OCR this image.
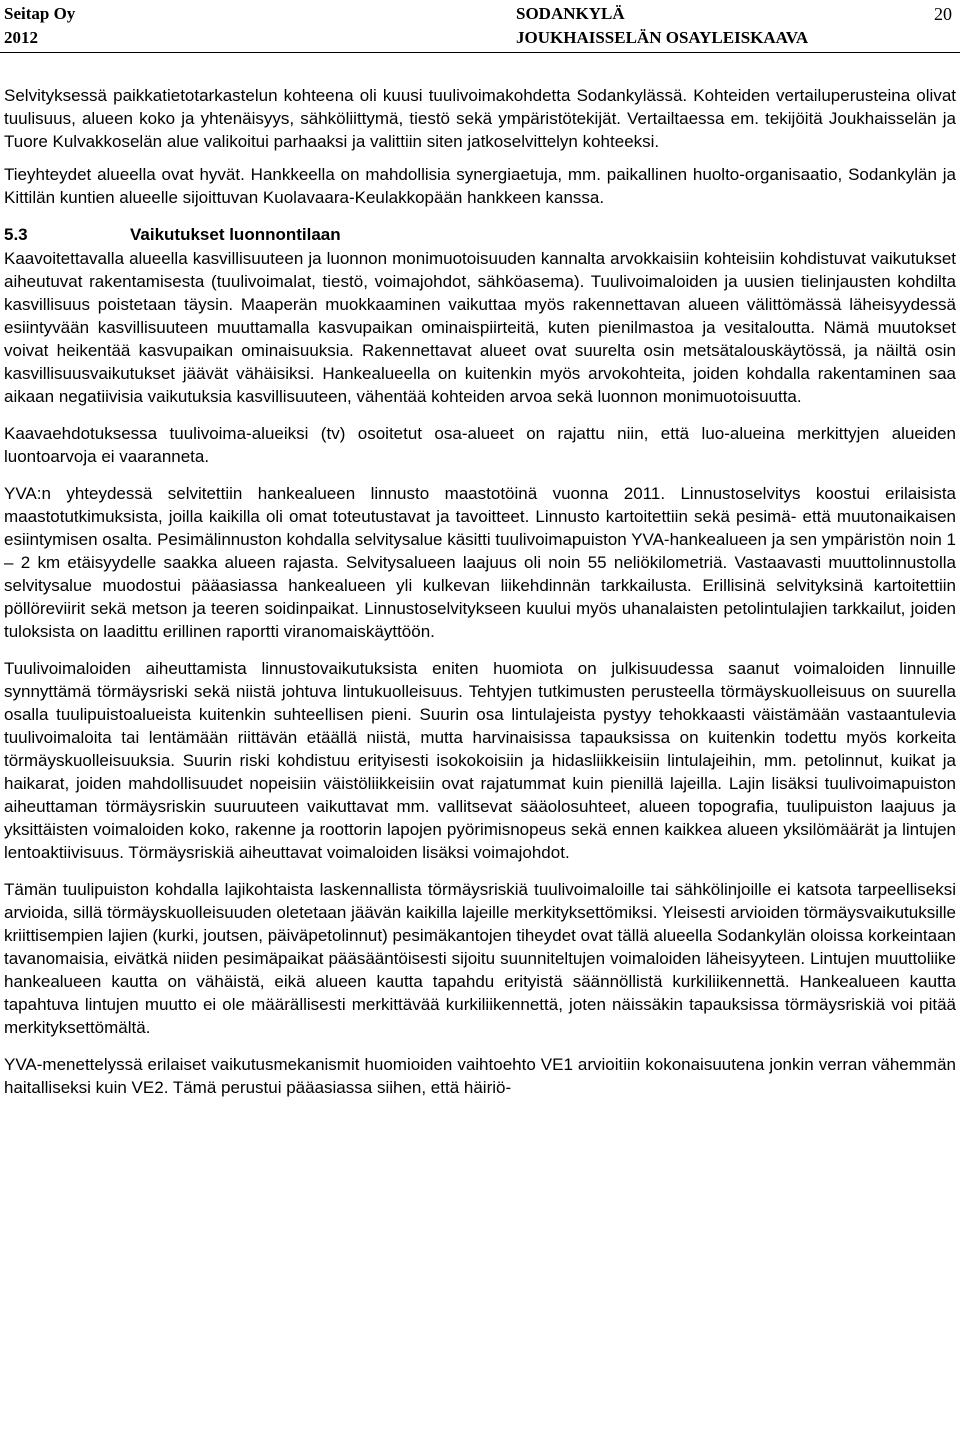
Seitap Oy
2012
SODANKYLÄ
JOUKHAISSELÄN OSAYLEISKAAVA
20

Selvityksessä paikkatietotarkastelun kohteena oli kuusi tuulivoimakohdetta Sodankylässä. Kohteiden vertailuperusteina olivat tuulisuus, alueen koko ja yhtenäisyys, sähköliittymä, tiestö sekä ympäristötekijät. Vertailtaessa em. tekijöitä Joukhaisselän ja Tuore Kulvakkoselän alue valikoitui parhaaksi ja valittiin siten jatkoselvittelyn kohteeksi.

Tieyhteydet alueella ovat hyvät. Hankkeella on mahdollisia synergiaetuja, mm. paikallinen huolto-organisaatio, Sodankylän ja Kittilän kuntien alueelle sijoittuvan Kuolavaara-Keulakkopään hankkeen kanssa.

5.3	Vaikutukset luonnontilaan

Kaavoitettavalla alueella kasvillisuuteen ja luonnon monimuotoisuuden kannalta arvokkaisiin kohteisiin kohdistuvat vaikutukset aiheutuvat rakentamisesta (tuulivoimalat, tiestö, voimajohdot, sähköasema). Tuulivoimaloiden ja uusien tielinjausten kohdilta kasvillisuus poistetaan täysin. Maaperän muokkaaminen vaikuttaa myös rakennettavan alueen välittömässä läheisyydessä esiintyvään kasvillisuuteen muuttamalla kasvupaikan ominaispiirteitä, kuten pienilmastoa ja vesitaloutta. Nämä muutokset voivat heikentää kasvupaikan ominaisuuksia. Rakennettavat alueet ovat suurelta osin metsätalouskäytössä, ja näiltä osin kasvillisuusvaikutukset jäävät vähäisiksi. Hankealueella on kuitenkin myös arvokohteita, joiden kohdalla rakentaminen saa aikaan negatiivisia vaikutuksia kasvillisuuteen, vähentää kohteiden arvoa sekä luonnon monimuotoisuutta.

Kaavaehdotuksessa tuulivoima-alueiksi (tv) osoitetut osa-alueet on rajattu niin, että luo-alueina merkittyjen alueiden luontoarvoja ei vaaranneta.

YVA:n yhteydessä selvitettiin hankealueen linnusto maastotöinä vuonna 2011. Linnustoselvitys koostui erilaisista maastotutkimuksista, joilla kaikilla oli omat toteutustavat ja tavoitteet. Linnusto kartoitettiin sekä pesimä- että muutonaikaisen esiintymisen osalta. Pesimälinnuston kohdalla selvitysalue käsitti tuulivoimapuiston YVA-hankealueen ja sen ympäristön noin 1 – 2 km etäisyydelle saakka alueen rajasta. Selvitysalueen laajuus oli noin 55 neliökilometriä. Vastaavasti muuttolinnustolla selvitysalue muodostui pääasiassa hankealueen yli kulkevan liikehdinnän tarkkailusta. Erillisinä selvityksinä kartoitettiin pöllöreviirit sekä metson ja teeren soidinpaikat. Linnustoselvitykseen kuului myös uhanalaisten petolintulajien tarkkailut, joiden tuloksista on laadittu erillinen raportti viranomaiskäyttöön.

Tuulivoimaloiden aiheuttamista linnustovaikutuksista eniten huomiota on julkisuudessa saanut voimaloiden linnuille synnyttämä törmäysriski sekä niistä johtuva lintukuolleisuus. Tehtyjen tutkimusten perusteella törmäyskuolleisuus on suurella osalla tuulipuistoalueista kuitenkin suhteellisen pieni. Suurin osa lintulajeista pystyy tehokkaasti väistämään vastaantulevia tuulivoimaloita tai lentämään riittävän etäällä niistä, mutta harvinaisissa tapauksissa on kuitenkin todettu myös korkeita törmäyskuolleisuuksia. Suurin riski kohdistuu erityisesti isokokoisiin ja hidasliikkeisiin lintulajeihin, mm. petolinnut, kuikat ja haikarat, joiden mahdollisuudet nopeisiin väistöliikkeisiin ovat rajatummat kuin pienillä lajeilla. Lajin lisäksi tuulivoimapuiston aiheuttaman törmäysriskin suuruuteen vaikuttavat mm. vallitsevat sääolosuhteet, alueen topografia, tuulipuiston laajuus ja yksittäisten voimaloiden koko, rakenne ja roottorin lapojen pyörimisnopeus sekä ennen kaikkea alueen yksilömäärät ja lintujen lentoaktiivisuus. Törmäysriskiä aiheuttavat voimaloiden lisäksi voimajohdot.

Tämän tuulipuiston kohdalla lajikohtaista laskennallista törmäysriskiä tuulivoimaloille tai sähkölinjoille ei katsota tarpeelliseksi arvioida, sillä törmäyskuolleisuuden oletetaan jäävän kaikilla lajeille merkityksettömiksi. Yleisesti arvioiden törmäysvaikutuksille kriittisempien lajien (kurki, joutsen, päiväpetolinnut) pesimäkantojen tiheydet ovat tällä alueella Sodankylän oloissa korkeintaan tavanomaisia, eivätkä niiden pesimäpaikat pääsääntöisesti sijoitu suunniteltujen voimaloiden läheisyyteen. Lintujen muuttoliike hankealueen kautta on vähäistä, eikä alueen kautta tapahdu erityistä säännöllistä kurkiliikennettä. Hankealueen kautta tapahtuva lintujen muutto ei ole määrällisesti merkittävää kurkiliikennettä, joten näissäkin tapauksissa törmäysriskiä voi pitää merkityksettömältä.

YVA-menettelyssä erilaiset vaikutusmekanismit huomioiden vaihtoehto VE1 arvioitiin kokonaisuutena jonkin verran vähemmän haitalliseksi kuin VE2. Tämä perustui pääasiassa siihen, että häiriö-
